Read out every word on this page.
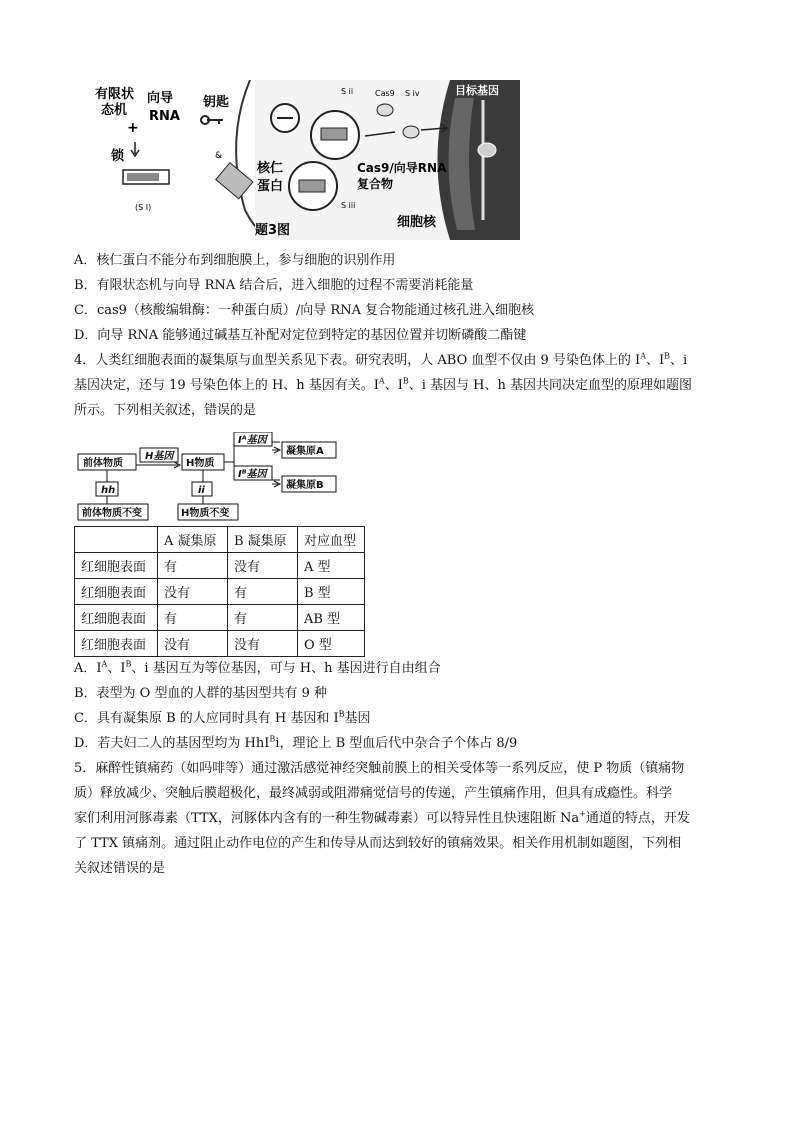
有限状
态机
+
锁
向导
RNA
(S I)
钥匙
&
核仁
蛋白
S ii
S iii
Cas9 S iv
Cas9/向导RNA
复合物
细胞核
目标基因
题3图
A．核仁蛋白不能分布到细胞膜上，参与细胞的识别作用
B．有限状态机与向导 RNA 结合后，进入细胞的过程不需要消耗能量
C．cas9（核酸编辑酶：一种蛋白质）/向导 RNA 复合物能通过核孔进入细胞核
D．向导 RNA 能够通过碱基互补配对定位到特定的基因位置并切断磷酸二酯键
4．人类红细胞表面的凝集原与血型关系见下表。研究表明，人 ABO 血型不仅由 9 号染色体上的 $I^A$、$I^B$、i
基因决定，还与 19 号染色体上的 H、h 基因有关。$I^A$、$I^B$、i 基因与 H、h 基因共同决定血型的原理如题图
所示。下列相关叙述，错误的是
前体物质
H基因
H物质
hh
前体物质不变
ii
H物质不变
Iᴬ基因
Iᴮ基因
凝集原A
凝集原B
	A 凝集原	B 凝集原	对应血型
红细胞表面	有	没有	A 型
红细胞表面	没有	有	B 型
红细胞表面	有	有	AB 型
红细胞表面	没有	没有	O 型
A．$I^A$、$I^B$、i 基因互为等位基因，可与 H、h 基因进行自由组合
B．表型为 O 型血的人群的基因型共有 9 种
C．具有凝集原 B 的人应同时具有 H 基因和 $I^B$基因
D．若夫妇二人的基因型均为 HhI$^B$i，理论上 B 型血后代中杂合子个体占 8/9
5．麻醉性镇痛药（如吗啡等）通过激活感觉神经突触前膜上的相关受体等一系列反应，使 P 物质（镇痛物
质）释放减少、突触后膜超极化，最终减弱或阻滞痛觉信号的传递，产生镇痛作用，但具有成瘾性。科学
家们利用河豚毒素（TTX，河豚体内含有的一种生物碱毒素）可以特异性且快速阻断 Na+通道的特点，开发
了 TTX 镇痛剂。通过阻止动作电位的产生和传导从而达到较好的镇痛效果。相关作用机制如题图，下列相
关叙述错误的是
